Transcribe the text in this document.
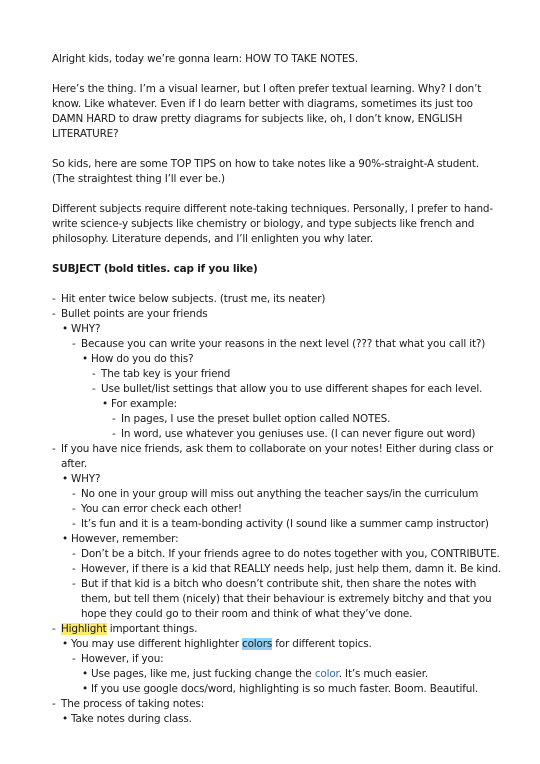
Alright kids, today we’re gonna learn: HOW TO TAKE NOTES.

Here’s the thing. I’m a visual learner, but I often prefer textual learning. Why? I don’t know. Like whatever. Even if I do learn better with diagrams, sometimes its just too DAMN HARD to draw pretty diagrams for subjects like, oh, I don’t know, ENGLISH LITERATURE?

So kids, here are some TOP TIPS on how to take notes like a 90%-straight-A student. (The straightest thing I’ll ever be.)

Different subjects require different note-taking techniques. Personally, I prefer to hand-write science-y subjects like chemistry or biology, and type subjects like french and philosophy. Literature depends, and I’ll enlighten you why later.

SUBJECT (bold titles. cap if you like)
- Hit enter twice below subjects. (trust me, its neater)
- Bullet points are your friends
• WHY?
- Because you can write your reasons in the next level (??? that what you call it?)
• How do you do this?
- The tab key is your friend
- Use bullet/list settings that allow you to use different shapes for each level.
• For example:
- In pages, I use the preset bullet option called NOTES.
- In word, use whatever you geniuses use. (I can never figure out word)
- If you have nice friends, ask them to collaborate on your notes! Either during class or after.
• WHY?
- No one in your group will miss out anything the teacher says/in the curriculum
- You can error check each other!
- It’s fun and it is a team-bonding activity (I sound like a summer camp instructor)
• However, remember:
- Don’t be a bitch. If your friends agree to do notes together with you, CONTRIBUTE.
- However, if there is a kid that REALLY needs help, just help them, damn it. Be kind.
- But if that kid is a bitch who doesn’t contribute shit, then share the notes with them, but tell them (nicely) that their behaviour is extremely bitchy and that you hope they could go to their room and think of what they’ve done.
- Highlight important things.
• You may use different highlighter colors for different topics.
- However, if you:
• Use pages, like me, just fucking change the color. It’s much easier.
• If you use google docs/word, highlighting is so much faster. Boom. Beautiful.
- The process of taking notes:
• Take notes during class.
